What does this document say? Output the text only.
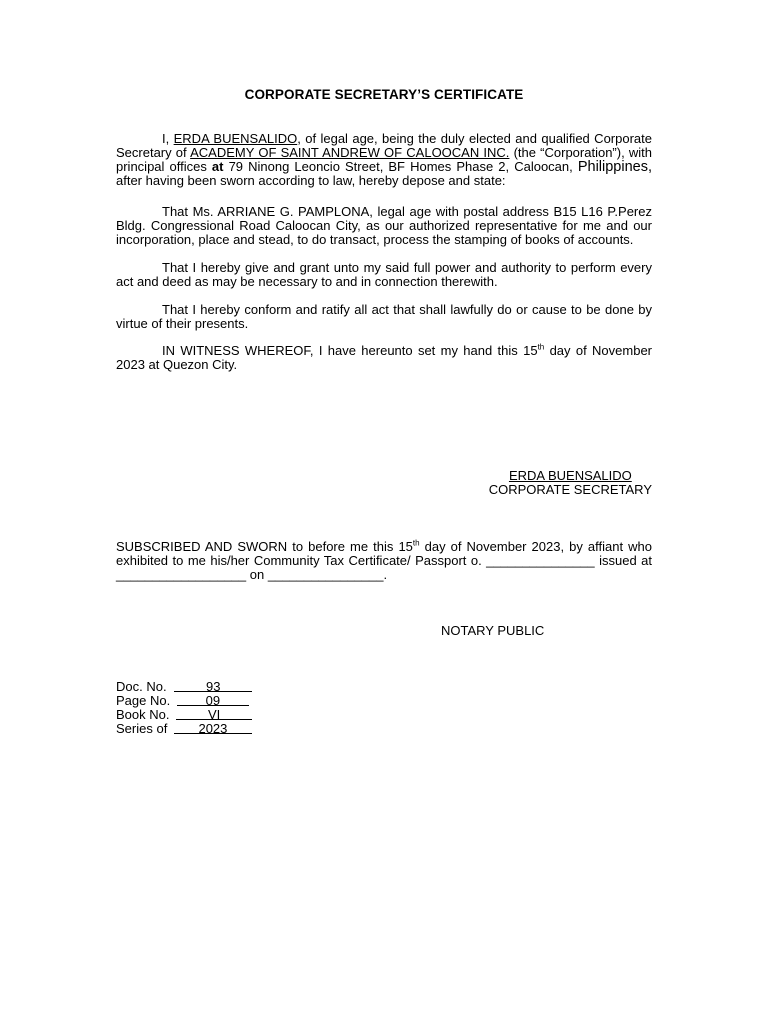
CORPORATE SECRETARY’S CERTIFICATE
I, ERDA BUENSALIDO, of legal age, being the duly elected and qualified Corporate Secretary of ACADEMY OF SAINT ANDREW OF CALOOCAN INC. (the “Corporation”), with principal offices at 79 Ninong Leoncio Street, BF Homes Phase 2, Caloocan, Philippines, after having been sworn according to law, hereby depose and state:
That Ms. ARRIANE G. PAMPLONA, legal age with postal address B15 L16 P.Perez Bldg. Congressional Road Caloocan City, as our authorized representative for me and our incorporation, place and stead, to do transact, process the stamping of books of accounts.
That I hereby give and grant unto my said full power and authority to perform every act and deed as may be necessary to and in connection therewith.
That I hereby conform and ratify all act that shall lawfully do or cause to be done by virtue of their presents.
IN WITNESS WHEREOF, I have hereunto set my hand this 15th day of November 2023 at Quezon City.
ERDA BUENSALIDO
CORPORATE SECRETARY
SUBSCRIBED AND SWORN to before me this 15th day of November 2023, by affiant who exhibited to me his/her Community Tax Certificate/ Passport o. _______________ issued at __________________ on ________________.
NOTARY PUBLIC
Doc. No.	93
Page No.	09
Book No.	VI
Series of 2023
